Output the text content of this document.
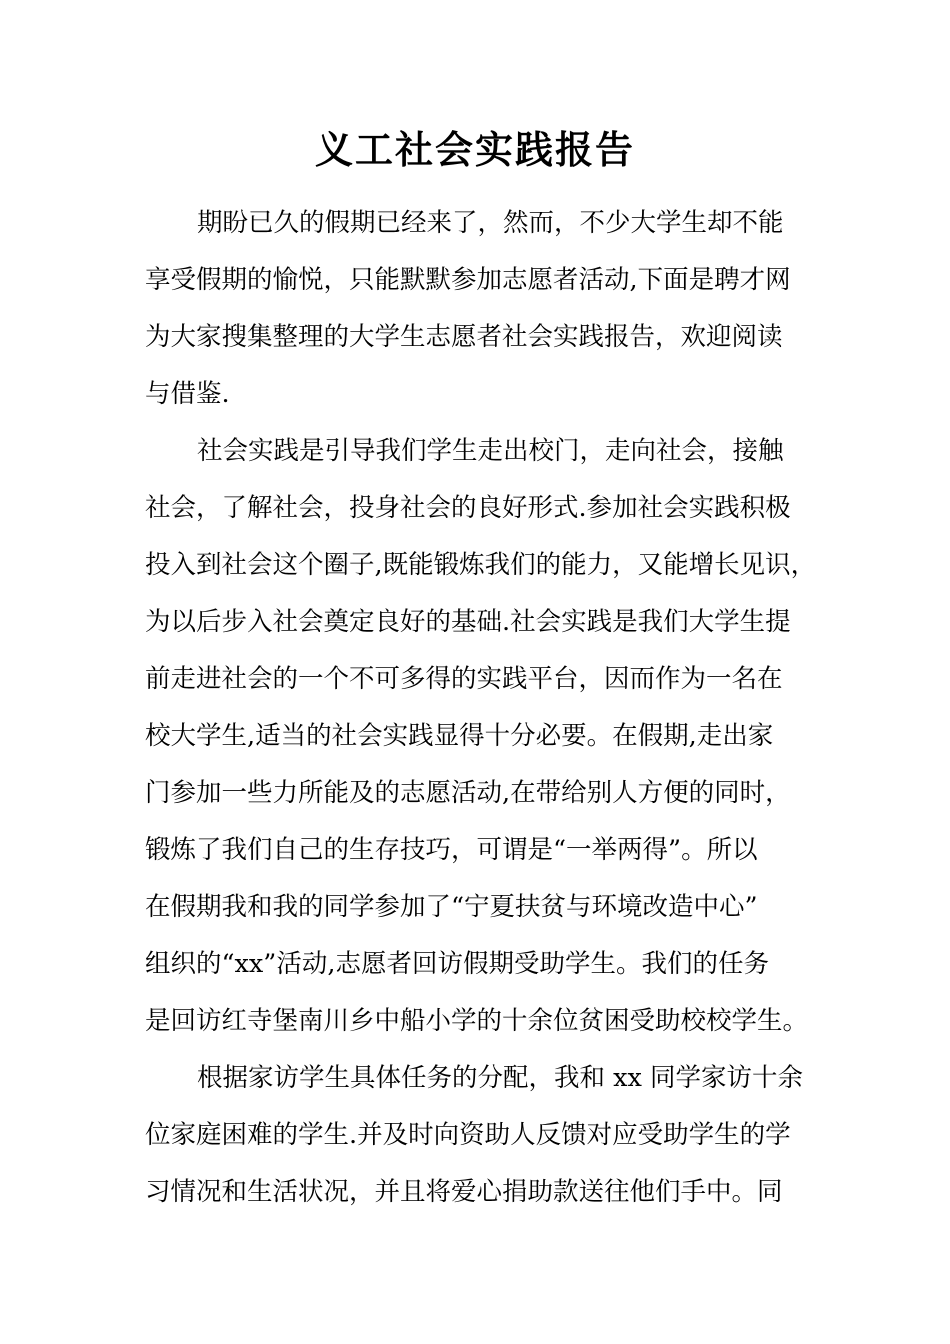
义工社会实践报告
期盼已久的假期已经来了，然而，不少大学生却不能
享受假期的愉悦，只能默默参加志愿者活动,下面是聘才网
为大家搜集整理的大学生志愿者社会实践报告，欢迎阅读
与借鉴.
社会实践是引导我们学生走出校门，走向社会，接触
社会，了解社会，投身社会的良好形式.参加社会实践积极
投入到社会这个圈子,既能锻炼我们的能力，又能增长见识，
为以后步入社会奠定良好的基础.社会实践是我们大学生提
前走进社会的一个不可多得的实践平台，因而作为一名在
校大学生,适当的社会实践显得十分必要。在假期,走出家
门参加一些力所能及的志愿活动,在带给别人方便的同时，
锻炼了我们自己的生存技巧，可谓是“一举两得”。所以
在假期我和我的同学参加了“宁夏扶贫与环境改造中心”
组织的“xx”活动,志愿者回访假期受助学生。我们的任务
是回访红寺堡南川乡中船小学的十余位贫困受助校校学生。
根据家访学生具体任务的分配，我和 xx 同学家访十余
位家庭困难的学生.并及时向资助人反馈对应受助学生的学
习情况和生活状况，并且将爱心捐助款送往他们手中。同
